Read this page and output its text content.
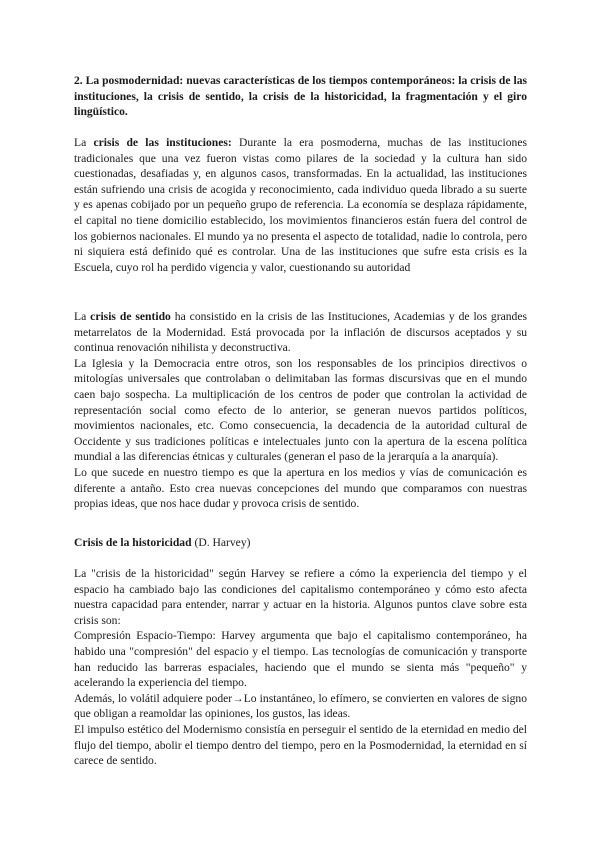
2. La posmodernidad: nuevas características de los tiempos contemporáneos: la crisis de las instituciones, la crisis de sentido, la crisis de la historicidad, la fragmentación y el giro lingüístico.

La crisis de las instituciones: Durante la era posmoderna, muchas de las instituciones tradicionales que una vez fueron vistas como pilares de la sociedad y la cultura han sido cuestionadas, desafiadas y, en algunos casos, transformadas. En la actualidad, las instituciones están sufriendo una crisis de acogida y reconocimiento, cada individuo queda librado a su suerte y es apenas cobijado por un pequeño grupo de referencia. La economía se desplaza rápidamente, el capital no tiene domicilio establecido, los movimientos financieros están fuera del control de los gobiernos nacionales. El mundo ya no presenta el aspecto de totalidad, nadie lo controla, pero ni siquiera está definido qué es controlar. Una de las instituciones que sufre esta crisis es la Escuela, cuyo rol ha perdido vigencia y valor, cuestionando su autoridad

La crisis de sentido ha consistido en la crisis de las Instituciones, Academias y de los grandes metarrelatos de la Modernidad. Está provocada por la inflación de discursos aceptados y su continua renovación nihilista y deconstructiva.

La Iglesia y la Democracia entre otros, son los responsables de los principios directivos o mitologías universales que controlaban o delimitaban las formas discursivas que en el mundo caen bajo sospecha. La multiplicación de los centros de poder que controlan la actividad de representación social como efecto de lo anterior, se generan nuevos partidos políticos, movimientos nacionales, etc. Como consecuencia, la decadencia de la autoridad cultural de Occidente y sus tradiciones políticas e intelectuales junto con la apertura de la escena política mundial a las diferencias étnicas y culturales (generan el paso de la jerarquía a la anarquía).

Lo que sucede en nuestro tiempo es que la apertura en los medios y vías de comunicación es diferente a antaño. Esto crea nuevas concepciones del mundo que comparamos con nuestras propias ideas, que nos hace dudar y provoca crisis de sentido.

Crisis de la historicidad (D. Harvey)

La "crisis de la historicidad" según Harvey se refiere a cómo la experiencia del tiempo y el espacio ha cambiado bajo las condiciones del capitalismo contemporáneo y cómo esto afecta nuestra capacidad para entender, narrar y actuar en la historia. Algunos puntos clave sobre esta crisis son:

Compresión Espacio-Tiempo: Harvey argumenta que bajo el capitalismo contemporáneo, ha habido una "compresión" del espacio y el tiempo. Las tecnologías de comunicación y transporte han reducido las barreras espaciales, haciendo que el mundo se sienta más "pequeño" y acelerando la experiencia del tiempo.

Además, lo volátil adquiere poder→Lo instantáneo, lo efímero, se convierten en valores de signo que obligan a reamoldar las opiniones, los gustos, las ideas.

El impulso estético del Modernismo consistía en perseguir el sentido de la eternidad en medio del flujo del tiempo, abolir el tiempo dentro del tiempo, pero en la Posmodernidad, la eternidad en sí carece de sentido.
